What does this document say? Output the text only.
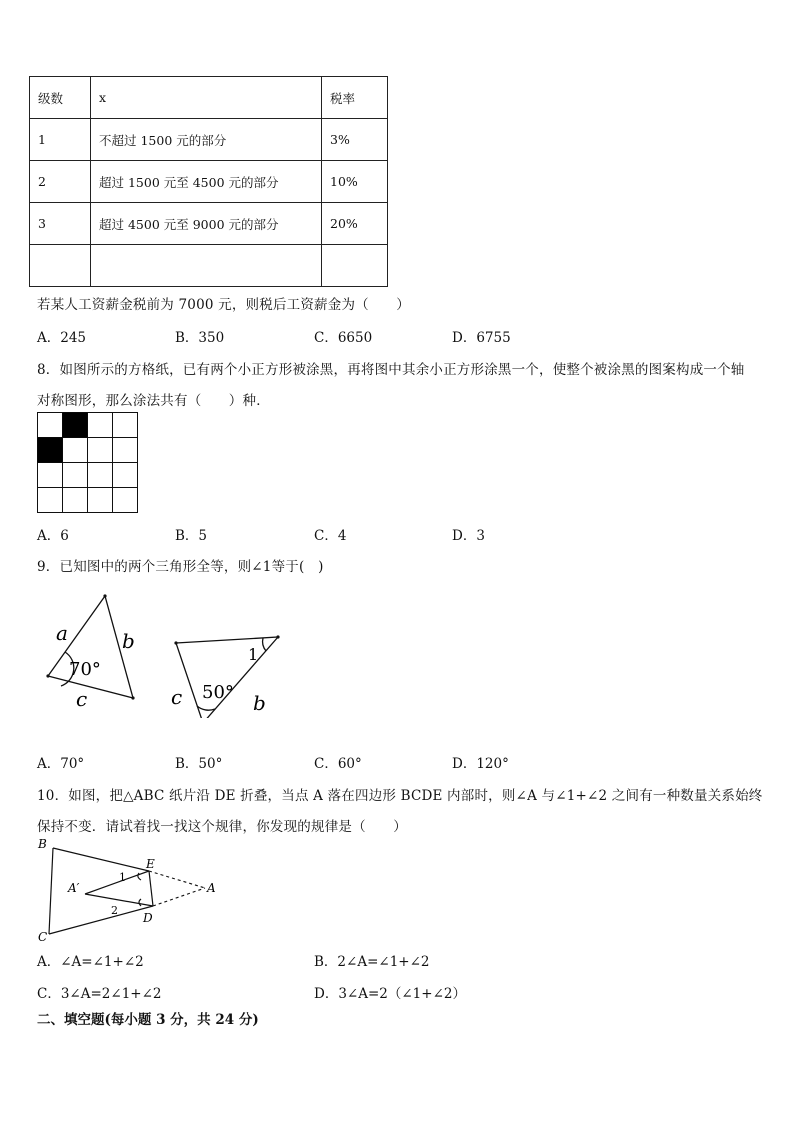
级数	x	税率
1	不超过 1500 元的部分	3%
2	超过 1500 元至 4500 元的部分	10%
3	超过 4500 元至 9000 元的部分	20%

若某人工资薪金税前为 7000 元，则税后工资薪金为（　　）
A．245	B．350	C．6650	D．6755
8．如图所示的方格纸，已有两个小正方形被涂黑，再将图中其余小正方形涂黑一个，使整个被涂黑的图案构成一个轴
对称图形，那么涂法共有（　　）种．
A．6	B．5	C．4	D．3
9．已知图中的两个三角形全等，则∠1等于(　)
a	b
c
70°
c	b
50°
1
A．70°	B．50°	C．60°	D．120°
10．如图，把△ABC 纸片沿 DE 折叠，当点 A 落在四边形 BCDE 内部时，则∠A 与∠1+∠2 之间有一种数量关系始终
保持不变．请试着找一找这个规律，你发现的规律是（　　）
B
C
E
D
A
A′
1
2
A．∠A=∠1+∠2	B．2∠A=∠1+∠2
C．3∠A=2∠1+∠2	D．3∠A=2（∠1+∠2）
二、填空题(每小题 3 分，共 24 分)
